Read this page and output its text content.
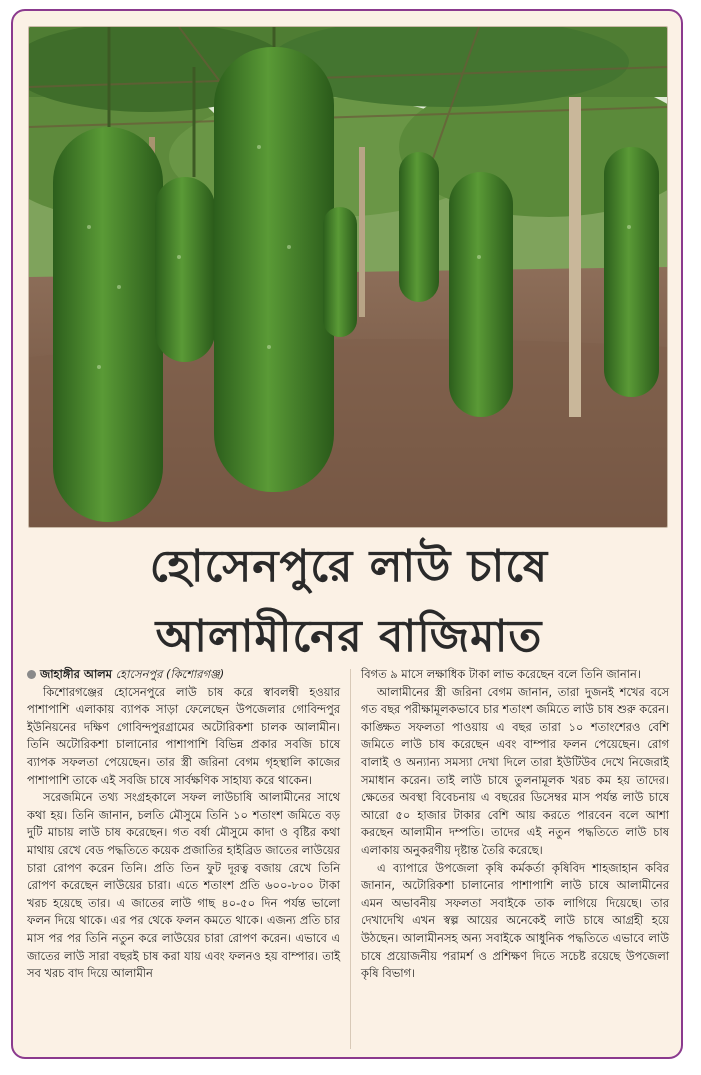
হোসেনপুরে লাউ চাষে
আলামীনের বাজিমাত

জাহাঙ্গীর আলম হোসেনপুর (কিশোরগঞ্জ)

কিশোরগঞ্জের হোসেনপুরে লাউ চাষ করে স্বাবলম্বী হওয়ার পাশাপাশি এলাকায় ব্যাপক সাড়া ফেলেছেন উপজেলার গোবিন্দপুর ইউনিয়নের দক্ষিণ গোবিন্দপুরগ্রামের অটোরিকশা চালক আলামীন। তিনি অটোরিকশা চালানোর পাশাপাশি বিভিন্ন প্রকার সবজি চাষে ব্যাপক সফলতা পেয়েছেন। তার স্ত্রী জরিনা বেগম গৃহস্থালি কাজের পাশাপাশি তাকে এই সবজি চাষে সার্বক্ষণিক সাহায্য করে থাকেন।

সরেজমিনে তথ্য সংগ্রহকালে সফল লাউচাষি আলামীনের সাথে কথা হয়। তিনি জানান, চলতি মৌসুমে তিনি ১০ শতাংশ জমিতে বড় দুটি মাচায় লাউ চাষ করেছেন। গত বর্ষা মৌসুমে কাদা ও বৃষ্টির কথা মাথায় রেখে বেড পদ্ধতিতে কয়েক প্রজাতির হাইব্রিড জাতের লাউয়ের চারা রোপণ করেন তিনি। প্রতি তিন ফুট দূরত্ব বজায় রেখে তিনি রোপণ করেছেন লাউয়ের চারা। এতে শতাংশ প্রতি ৬০০-৮০০ টাকা খরচ হয়েছে তার। এ জাতের লাউ গাছ ৪০-৫০ দিন পর্যন্ত ভালো ফলন দিয়ে থাকে। এর পর থেকে ফলন কমতে থাকে। এজন্য প্রতি চার মাস পর পর তিনি নতুন করে লাউয়ের চারা রোপণ করেন। এভাবে এ জাতের লাউ সারা বছরই চাষ করা যায় এবং ফলনও হয় বাম্পার। তাই সব খরচ বাদ দিয়ে আলামীন

বিগত ৯ মাসে লক্ষাধিক টাকা লাভ করেছেন বলে তিনি জানান।

আলামীনের স্ত্রী জরিনা বেগম জানান, তারা দুজনই শখের বসে গত বছর পরীক্ষামূলকভাবে চার শতাংশ জমিতে লাউ চাষ শুরু করেন। কাঙ্ক্ষিত সফলতা পাওয়ায় এ বছর তারা ১০ শতাংশেরও বেশি জমিতে লাউ চাষ করেছেন এবং বাম্পার ফলন পেয়েছেন। রোগ বালাই ও অন্যান্য সমস্যা দেখা দিলে তারা ইউটিউব দেখে নিজেরাই সমাধান করেন। তাই লাউ চাষে তুলনামূলক খরচ কম হয় তাদের। ক্ষেতের অবস্থা বিবেচনায় এ বছরের ডিসেম্বর মাস পর্যন্ত লাউ চাষে আরো ৫০ হাজার টাকার বেশি আয় করতে পারবেন বলে আশা করছেন আলামীন দম্পতি। তাদের এই নতুন পদ্ধতিতে লাউ চাষ এলাকায় অনুকরণীয় দৃষ্টান্ত তৈরি করেছে।

এ ব্যাপারে উপজেলা কৃষি কর্মকর্তা কৃষিবিদ শাহজাহান কবির জানান, অটোরিকশা চালানোর পাশাপাশি লাউ চাষে আলামীনের এমন অভাবনীয় সফলতা সবাইকে তাক লাগিয়ে দিয়েছে। তার দেখাদেখি এখন স্বল্প আয়ের অনেকেই লাউ চাষে আগ্রহী হয়ে উঠছেন। আলামীনসহ অন্য সবাইকে আধুনিক পদ্ধতিতে এভাবে লাউ চাষে প্রয়োজনীয় পরামর্শ ও প্রশিক্ষণ দিতে সচেষ্ট রয়েছে উপজেলা কৃষি বিভাগ।
